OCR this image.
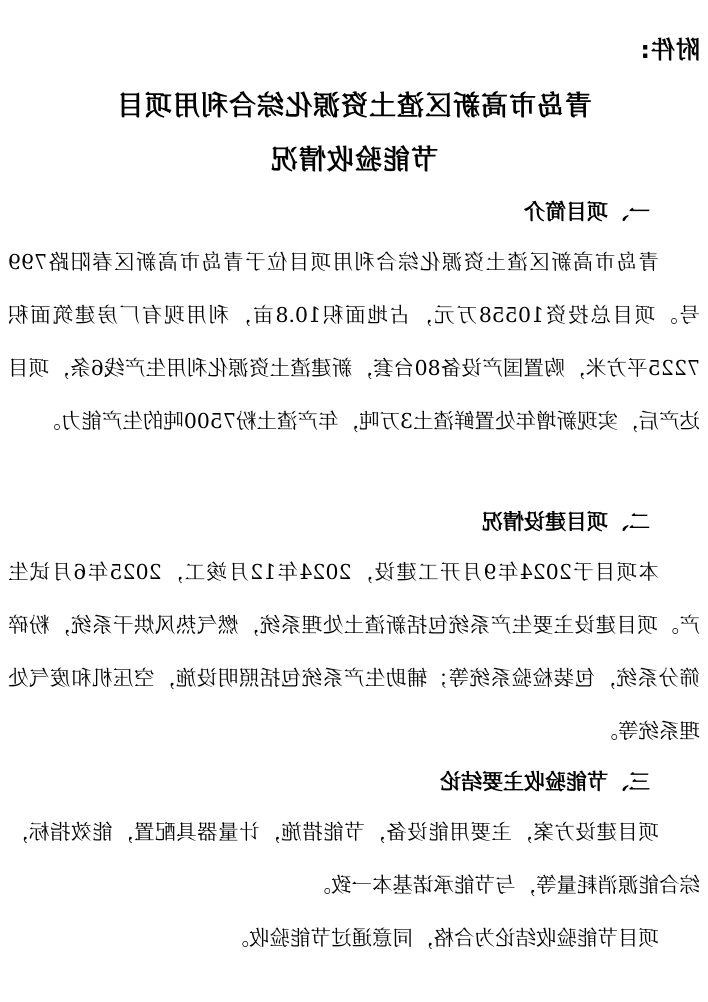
附件:
青岛市高新区渣土资源化综合利用项目
节能验收情况
一、项目简介
青岛市高新区渣土资源化综合利用项目位于青岛市高新区春阳路799号。项目总投资10558万元，占地面积10.8亩，利用现有厂房建筑面积7225平方米，购置国产设备80台套，新建渣土资源化利用生产线6条，项目达产后，实现新增年处置鲜渣土3万吨，年产渣土粉7500吨的生产能力。
二、项目建设情况
本项目于2024年9月开工建设，2024年12月竣工，2025年6月试生产。项目建设主要生产系统包括新渣土处理系统，燃气热风烘干系统，粉碎筛分系统，包装检验系统等；辅助生产系统包括照明设施，空压机和废气处理系统等。
三、节能验收主要结论
项目建设方案，主要用能设备，节能措施，计量器具配置，能效指标，综合能源消耗量等，与节能承诺基本一致。
项目节能验收结论为合格，同意通过节能验收。
